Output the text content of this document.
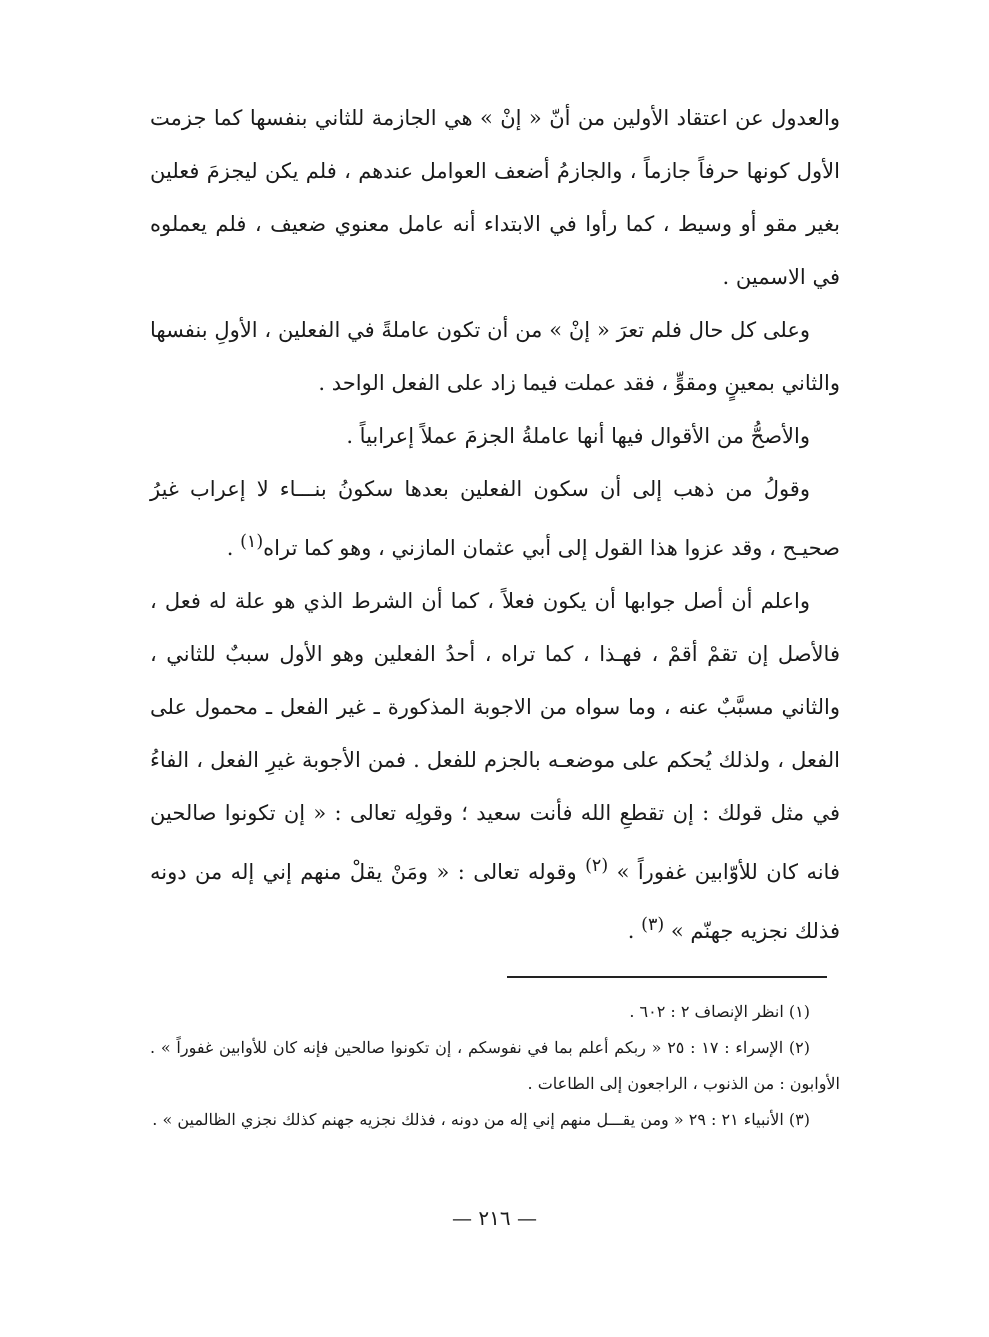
والعدول عن اعتقاد الأولين من أنّ « إنْ » هي الجازمة للثاني بنفسها كما جزمت الأول كونها حرفاً جازماً ، والجازمُ أضعف العوامل عندهم ، فلم يكن ليجزمَ فعلين بغير مقو أو وسيط ، كما رأوا في الابتداء أنه عامل معنوي ضعيف ، فلم يعملوه في الاسمين .

وعلى كل حال فلم تعرَ « إنْ » من أن تكون عاملةً في الفعلين ، الأولِ بنفسها والثاني بمعينٍ ومقوٍّ ، فقد عملت فيما زاد على الفعل الواحد .

والأصحُّ من الأقوال فيها أنها عاملةُ الجزمَ عملاً إعرابياً .

وقولُ من ذهب إلى أن سكون الفعلين بعدها سكونُ بنـــاء لا إعراب غيرُ صحيـح ، وقد عزوا هذا القول إلى أبي عثمان المازني ، وهو كما تراه$^{(١)}$ .

واعلم أن أصل جوابها أن يكون فعلاً ، كما أن الشرط الذي هو علة له فعل ، فالأصل إن تقمْ أقمْ ، فهـذا ، كما تراه ، أحدُ الفعلين وهو الأول سببٌ للثاني ، والثاني مسبَّبٌ عنه ، وما سواه من الاجوبة المذكورة ـ غير الفعل ـ محمول على الفعل ، ولذلك يُحكم على موضعـه بالجزم للفعل . فمن الأجوبة غيرِ الفعل ، الفاءُ في مثل قولك : إن تقطعِ الله فأنت سعيد ؛ وقولِه تعالى : « إن تكونوا صالحين فانه كان للأوّابين غفوراً » $^{(٢)}$ وقوله تعالى : « ومَنْ يقلْ منهم إني إله من دونه فذلك نجزيه جهنّم » $^{(٣)}$ .

(١) انظر الإنصاف ٢ : ٦٠٢ .

(٢) الإسراء : ١٧ : ٢٥ « ربكم أعلم بما في نفوسكم ، إن تكونوا صالحين فإنه كان للأوابين غفوراً » . الأوابون : من الذنوب ، الراجعون إلى الطاعات .

(٣) الأنبياء ٢١ : ٢٩ « ومن يقـــل منهم إني إله من دونه ، فذلك نجزيه جهنم كذلك نجزي الظالمين » .

— ٢١٦ —
